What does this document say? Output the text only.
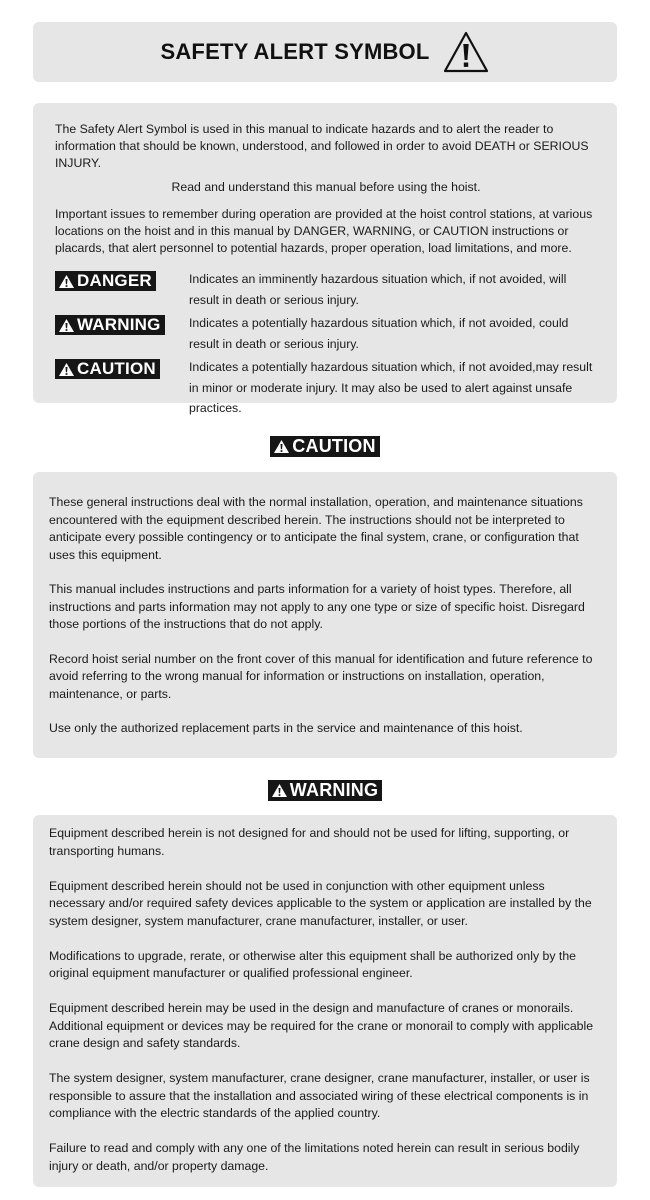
SAFETY ALERT SYMBOL

The Safety Alert Symbol is used in this manual to indicate hazards and to alert the reader to information that should be known, understood, and followed in order to avoid DEATH or SERIOUS INJURY.

Read and understand this manual before using the hoist.

Important issues to remember during operation are provided at the hoist control stations, at various locations on the hoist and in this manual by DANGER, WARNING, or CAUTION instructions or placards, that alert personnel to potential hazards, proper operation, load limitations, and more.

DANGER	Indicates an imminently hazardous situation which, if not avoided, will result in death or serious injury.
WARNING	Indicates a potentially hazardous situation which, if not avoided, could result in death or serious injury.
CAUTION	Indicates a potentially hazardous situation which, if not avoided,may result in minor or moderate injury. It may also be used to alert against unsafe practices.
CAUTION

These general instructions deal with the normal installation, operation, and maintenance situations encountered with the equipment described herein. The instructions should not be interpreted to anticipate every possible contingency or to anticipate the final system, crane, or configuration that uses this equipment.

This manual includes instructions and parts information for a variety of hoist types. Therefore, all instructions and parts information may not apply to any one type or size of specific hoist. Disregard those portions of the instructions that do not apply.

Record hoist serial number on the front cover of this manual for identification and future reference to avoid referring to the wrong manual for information or instructions on installation, operation, maintenance, or parts.

Use only the authorized replacement parts in the service and maintenance of this hoist.

WARNING

Equipment described herein is not designed for and should not be used for lifting, supporting, or transporting humans.

Equipment described herein should not be used in conjunction with other equipment unless necessary and/or required safety devices applicable to the system or application are installed by the system designer, system manufacturer, crane manufacturer, installer, or user.

Modifications to upgrade, rerate, or otherwise alter this equipment shall be authorized only by the original equipment manufacturer or qualified professional engineer.

Equipment described herein may be used in the design and manufacture of cranes or monorails. Additional equipment or devices may be required for the crane or monorail to comply with applicable crane design and safety standards.

The system designer, system manufacturer, crane designer, crane manufacturer, installer, or user is responsible to assure that the installation and associated wiring of these electrical components is in compliance with the electric standards of the applied country.

Failure to read and comply with any one of the limitations noted herein can result in serious bodily injury or death, and/or property damage.
